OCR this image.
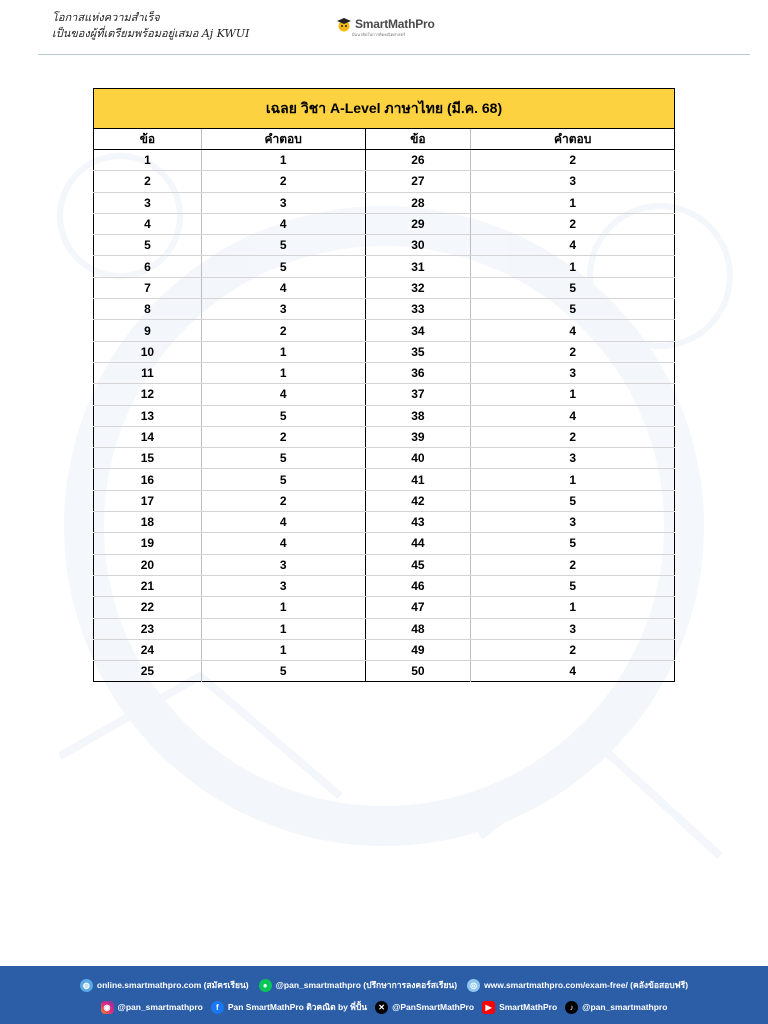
โอกาสแห่งความสำเร็จ
เป็นของผู้ที่เตรียมพร้อมอยู่เสมอ Aj KWUI
SmartMathPro
มีแนวคิดในการคิดคณิตศาสตร์
เฉลย วิชา A-Level ภาษาไทย (มี.ค. 68)			
ข้อ	คำตอบ	ข้อ	คำตอบ
1	1	26	2
2	2	27	3
3	3	28	1
4	4	29	2
5	5	30	4
6	5	31	1
7	4	32	5
8	3	33	5
9	2	34	4
10	1	35	2
11	1	36	3
12	4	37	1
13	5	38	4
14	2	39	2
15	5	40	3
16	5	41	1
17	2	42	5
18	4	43	3
19	4	44	5
20	3	45	2
21	3	46	5
22	1	47	1
23	1	48	3
24	1	49	2
25	5	50	4
◍ online.smartmathpro.com (สมัครเรียน)	● @pan_smartmathpro (ปรึกษาการลงคอร์สเรียน)	◎ www.smartmathpro.com/exam-free/ (คลังข้อสอบฟรี)
◉ @pan_smartmathpro	f	Pan SmartMathPro ติวคณิต by พี่ปั้น	✕ @PanSmartMathPro	▶ SmartMathPro	♪	@pan_smartmathpro
